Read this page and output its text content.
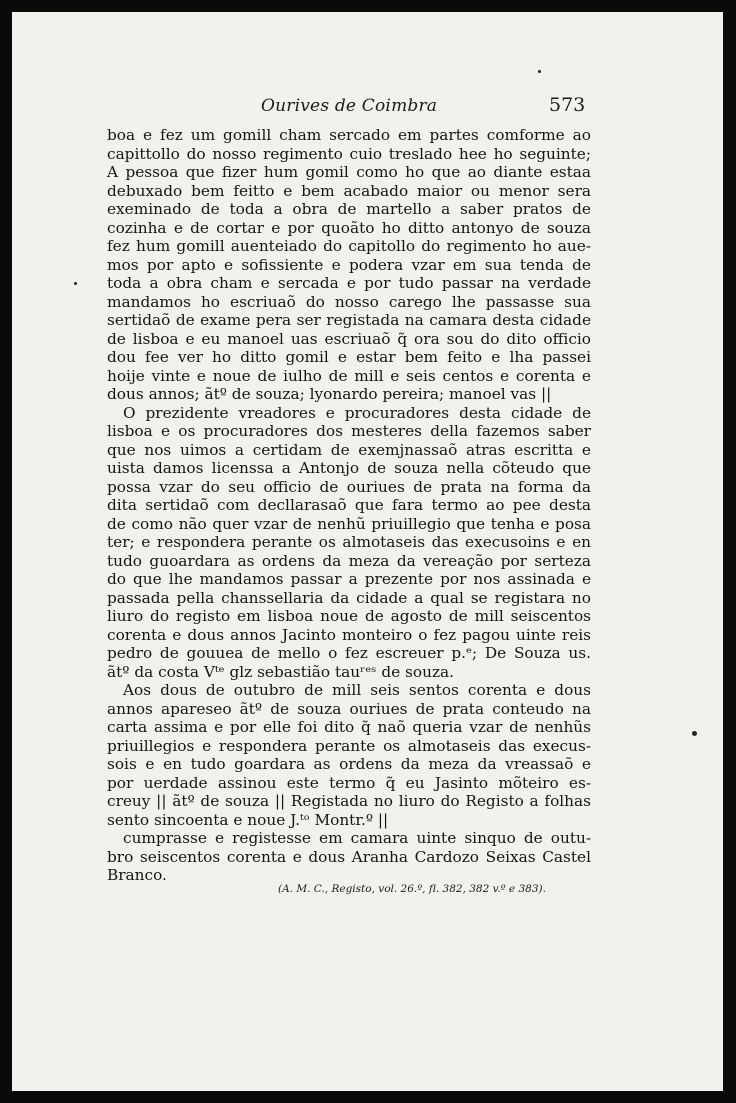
Ourives de Coimbra	573

boa e fez um gomill cham sercado em partes comforme ao
capittollo do nosso regimento cuio treslado hee ho seguinte;
A pessoa que fizer hum gomil como ho que ao diante estaa
debuxado bem feitto e bem acabado maior ou menor sera
exeminado de toda a obra de martello a saber pratos de
cozinha e de cortar e por quoãto ho ditto antonyo de souza
fez hum gomill auenteiado do capitollo do regimento ho aue-
mos por apto e sofissiente e podera vzar em sua tenda de
toda a obra cham e sercada e por tudo passar na verdade
mandamos ho escriuaõ do nosso carego lhe passasse sua
sertidaõ de exame pera ser registada na camara desta cidade
de lisboa e eu manoel uas escriuaõ q̃ ora sou do dito officio
dou fee ver ho ditto gomil e estar bem feito e lha passei
hoije vinte e noue de iulho de mill e seis centos e corenta e
dous annos; ãtº de souza; lyonardo pereira; manoel vas ||

O prezidente vreadores e procuradores desta cidade de
lisboa e os procuradores dos mesteres della fazemos saber
que nos uimos a certidam de exemjnassaõ atras escritta e
uista damos licenssa a Antonjo de souza nella cõteudo que
possa vzar do seu officio de ouriues de prata na forma da
dita sertidaõ com decllarasaõ que fara termo ao pee desta
de como não quer vzar de nenhũ priuillegio que tenha e posa
ter; e respondera perante os almotaseis das execusoins e en
tudo guoardara as ordens da meza da vereação por serteza
do que lhe mandamos passar a prezente por nos assinada e
passada pella chanssellaria da cidade a qual se registara no
liuro do registo em lisboa noue de agosto de mill seiscentos
corenta e dous annos Jacinto monteiro o fez pagou uinte reis
pedro de gouuea de mello o fez escreuer p.ᵉ; De Souza us.
ãtº da costa Vᵗᵉ glz sebastião tauʳᵉˢ de souza.

Aos dous de outubro de mill seis sentos corenta e dous
annos apareseo ãtº de souza ouriues de prata conteudo na
carta assima e por elle foi dito q̃ naõ queria vzar de nenhũs
priuillegios e respondera perante os almotaseis das execus-
sois e en tudo goardara as ordens da meza da vreassaõ e
por uerdade assinou este termo q̃ eu Jasinto mõteiro es-
creuy || ãtº de souza || Registada no liuro do Registo a folhas
sento sincoenta e noue J.ᵗᵒ Montr.º ||

cumprasse e registesse em camara uinte sinquo de outu-
bro seiscentos corenta e dous Aranha Cardozo Seixas Castel
Branco.

(A. M. C., Registo, vol. 26.º, fl. 382, 382 v.º e 383).
